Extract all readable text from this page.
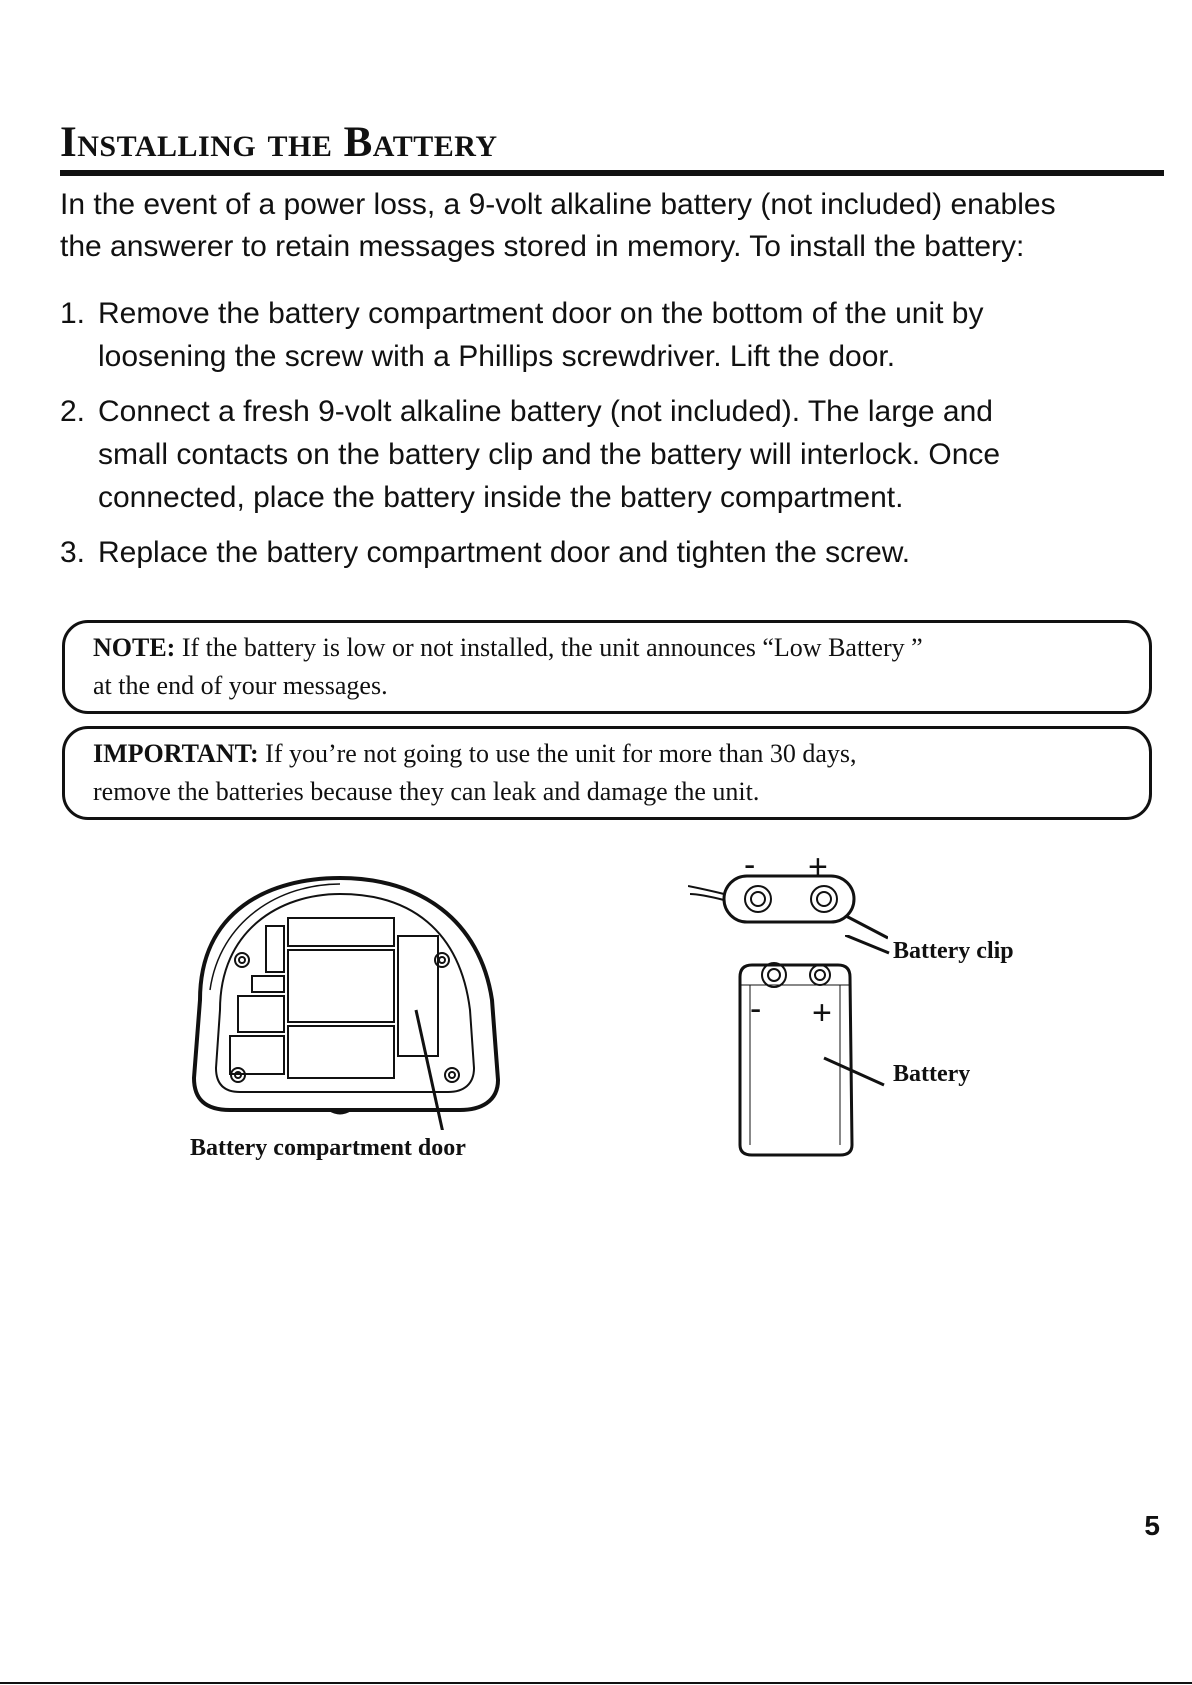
Installing the Battery
In the event of a power loss, a 9-volt alkaline battery (not included) enables
the answerer to retain messages stored in memory. To install the battery:
1. Remove the battery compartment door on the bottom of the unit by
loosening the screw with a Phillips screwdriver. Lift the door.
2. Connect a fresh 9-volt alkaline battery (not included). The large and
small contacts on the battery clip and the battery will interlock. Once
connected, place the battery inside the battery compartment.
3. Replace the battery compartment door and tighten the screw.
NOTE: If the battery is low or not installed, the unit announces “Low Battery ”
at the end of your messages.
IMPORTANT: If you’re not going to use the unit for more than 30 days,
remove the batteries because they can leak and damage the unit.
Battery compartment door
- +
Battery clip
- +
Battery
5
